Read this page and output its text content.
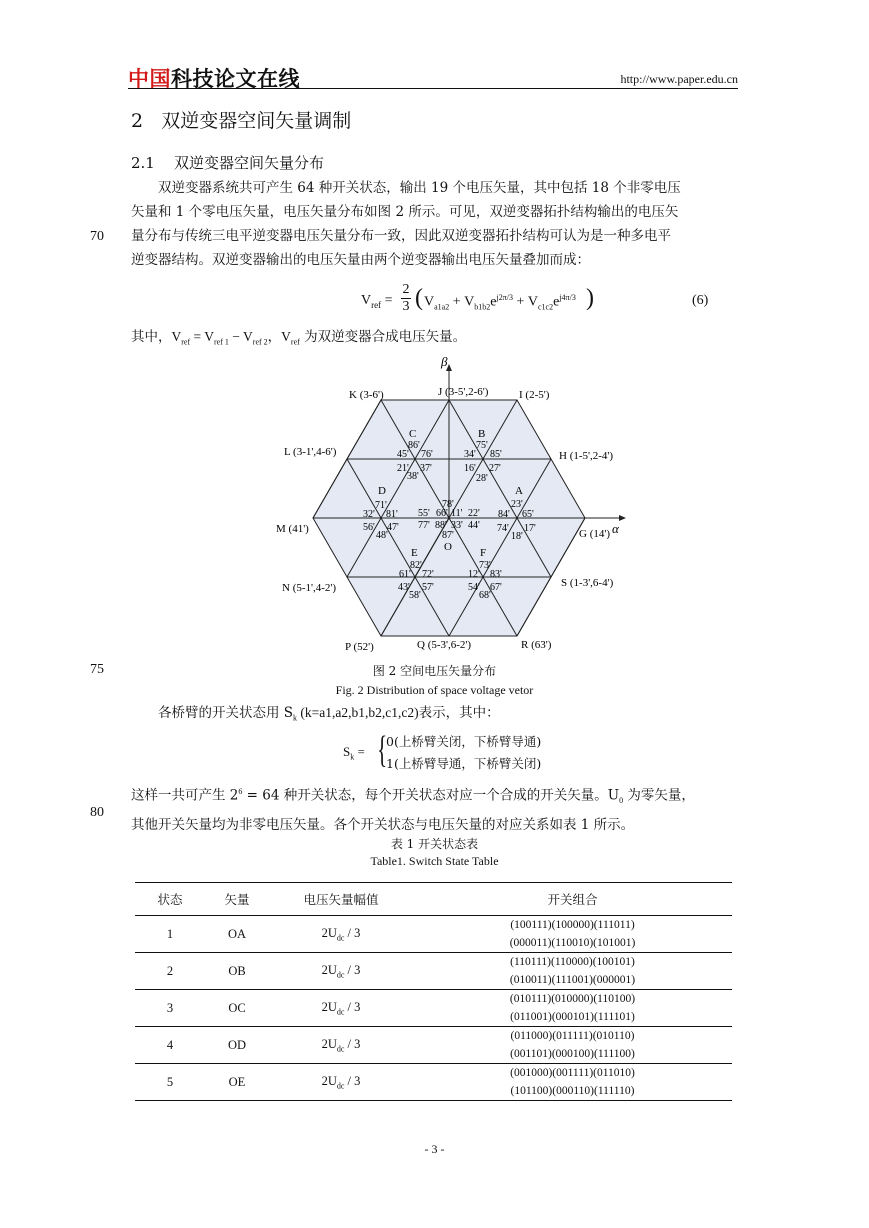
中国科技论文在线	http://www.paper.edu.cn
2 双逆变器空间矢量调制
2.1 双逆变器空间矢量分布
双逆变器系统共可产生 64 种开关状态，输出 19 个电压矢量，其中包括 18 个非零电压
矢量和 1 个零电压矢量，电压矢量分布如图 2 所示。可见，双逆变器拓扑结构输出的电压矢
量分布与传统三电平逆变器电压矢量分布一致，因此双逆变器拓扑结构可认为是一种多电平
逆变器结构。双逆变器输出的电压矢量由两个逆变器输出电压矢量叠加而成：
70
$V_{ref}$ =
2
3 ( $V_{a1a2} + V_{b1b2}e^{j2\pi/3} + V_{c1c2}e^{j4\pi/3}$ )	(6)
其中，$V_{ref} = V_{ref 1} - V_{ref 2}$，$V_{ref}$ 为双逆变器合成电压矢量。
β
α
K (3-6')	J (3-5',2-6')	I (2-5')
L (3-1',4-6')	H (1-5',2-4')
M (41')	G (14')
N (5-1',4-2')	S (1-3',6-4')
P (52')	Q (5-3',6-2')	R (63')
C	B
D	A
E	F
O
86'
45' 76'
21' 37'
38'
75'
34' 85'
16' 27'
28'
71'
32' 81'
56' 47'
48'
23'
84' 65'
74' 17'
18'
78'
55' 66' 11' 22'
77' 88' 33' 44'
87'
82'
61' 72'
43' 57'
58'
73'
12' 83'
54' 67'
68'
75	图 2 空间电压矢量分布
Fig. 2 Distribution of space voltage vetor
各桥臂的开关状态用 $S_k$ (k=a1,a2,b1,b2,c1,c2)表示，其中：
$S_k$ = {
0(上桥臂关闭，下桥臂导通)
1(上桥臂导通，下桥臂关闭)
这样一共可产生 $2^6 = 64$ 种开关状态，每个开关状态对应一个合成的开关矢量。$U_0$ 为零矢量，
其他开关矢量均为非零电压矢量。各个开关状态与电压矢量的对应关系如表 1 所示。
80
表 1 开关状态表
Table1. Switch State Table
状态	矢量	电压矢量幅值	开关组合
1	OA	$2U_{dc} / 3$	(100111)(100000)(111011)
(000011)(110010)(101001)

2	OB	$2U_{dc} / 3$	(110111)(110000)(100101)
(010011)(111001)(000001)

3	OC	$2U_{dc} / 3$	(010111)(010000)(110100)
(011001)(000101)(111101)

4	OD	$2U_{dc} / 3$	(011000)(011111)(010110)
(001101)(000100)(111100)

5	OE	$2U_{dc} / 3$	(001000)(001111)(011010)
(101100)(000110)(111110)
- 3 -
